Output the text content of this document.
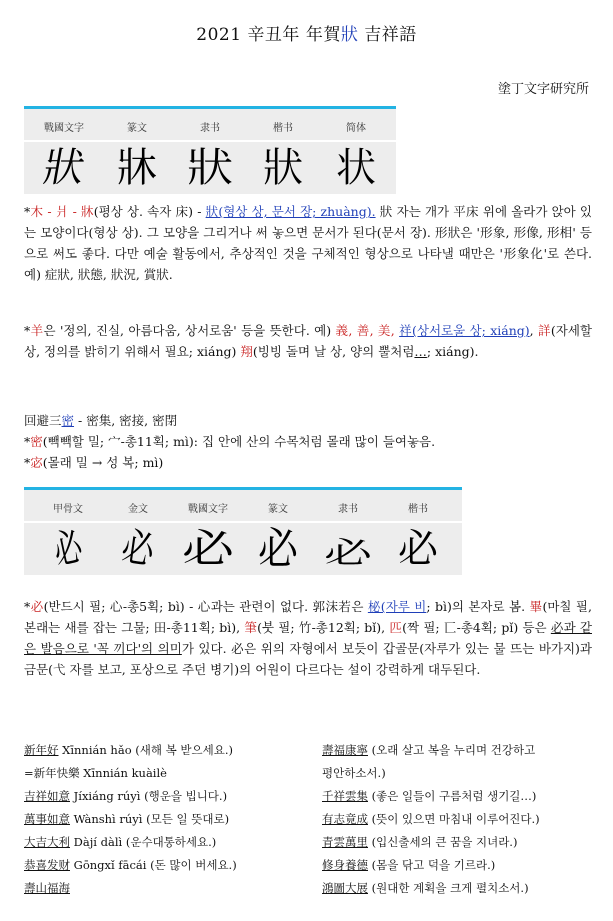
2021 辛丑年 年賀狀 吉祥語
塗丁文字研究所
戰國文字	篆文	隶书	楷书	简体
狀 牀 狀 狀 状

*木 - 爿 - 牀(평상 상. 속자 床) - 狀(형상 상, 문서 장; zhuàng). 狀 자는 개가 平床 위에 올라가 앉아 있는 모양이다(형상 상). 그 모양을 그리거나 써 놓으면 문서가 된다(문서 장). 形狀은 '形象, 形像, 形相' 등으로 써도 좋다. 다만 예술 활동에서, 추상적인 것을 구체적인 형상으로 나타낼 때만은 '形象化'로 쓴다. 예) 症狀, 狀態, 狀況, 賞狀.

*羊은 '정의, 진실, 아름다움, 상서로움' 등을 뜻한다. 예) 義, 善, 美, 祥(상서로울 상; xiáng), 詳(자세할 상, 정의를 밝히기 위해서 필요; xiáng) 翔(빙빙 돌며 날 상, 양의 뿔처럼…; xiáng).

回避三密 - 密集, 密接, 密閉
*密(빽빽할 밀; 宀-총11획; mì): 집 안에 산의 수목처럼 몰래 많이 들여놓음.
*宓(몰래 밀 → 성 복; mì)

甲骨文	金文	戰國文字	篆文	隶书	楷书
必 必 必 必 必 必

*必(반드시 필; 心-총5획; bì) - 心과는 관련이 없다. 郭沫若은 柲(자루 비; bì)의 본자로 봄. 畢(마칠 필, 본래는 새를 잡는 그물; 田-총11획; bì), 筆(붓 필; 竹-총12획; bǐ), 匹(짝 필; 匸-총4획; pǐ) 등은 必과 같은 발음으로 '꼭 끼다'의 의미가 있다. 必은 위의 자형에서 보듯이 갑골문(자루가 있는 물 뜨는 바가지)과 금문(弋 자를 보고, 포상으로 주던 병기)의 어원이 다르다는 설이 강력하게 대두된다.

新年好 Xīnnián hǎo (새해 복 받으세요.)
=新年快樂 Xīnnián kuàilè
吉祥如意 Jíxiáng rúyì (행운을 빕니다.)
萬事如意 Wànshì rúyì (모든 일 뜻대로)
大吉大利 Dàjí dàlì (운수대통하세요.)
恭喜发财 Gōngxǐ fācái (돈 많이 버세요.)
壽山福海
壽福康寧 (오래 살고 복을 누리며 건강하고
평안하소서.)
千祥雲集 (좋은 일들이 구름처럼 생기길…)
有志竟成 (뜻이 있으면 마침내 이루어진다.)
青雲萬里 (입신출세의 큰 꿈을 지녀라.)
修身養德 (몸을 닦고 덕을 기르라.)
鴻圖大展 (원대한 계획을 크게 펼치소서.)
